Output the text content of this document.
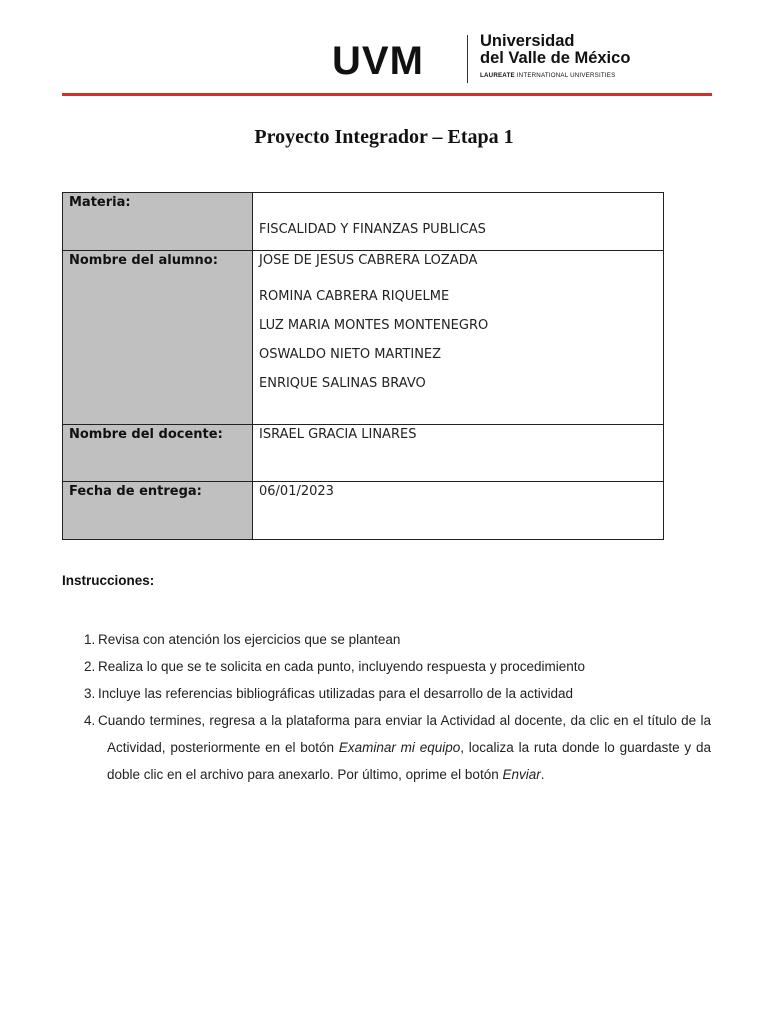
UVM	Universidad
del Valle de México
LAUREATE INTERNATIONAL UNIVERSITIES
Proyecto Integrador – Etapa 1
Materia:	FISCALIDAD Y FINANZAS PUBLICAS

Nombre del alumno:	JOSE DE JESUS CABRERA LOZADA
ROMINA CABRERA RIQUELME
LUZ MARIA MONTES MONTENEGRO
OSWALDO NIETO MARTINEZ
ENRIQUE SALINAS BRAVO

Nombre del docente:	ISRAEL GRACIA LINARES
Fecha de entrega:	06/01/2023
Instrucciones:
1. Revisa con atención los ejercicios que se plantean
2. Realiza lo que se te solicita en cada punto, incluyendo respuesta y procedimiento
3. Incluye las referencias bibliográficas utilizadas para el desarrollo de la actividad
4. Cuando termines, regresa a la plataforma para enviar la Actividad al docente, da clic en el título de la Actividad, posteriormente en el botón Examinar mi equipo, localiza la ruta donde lo guardaste y da doble clic en el archivo para anexarlo. Por último, oprime el botón Enviar.
